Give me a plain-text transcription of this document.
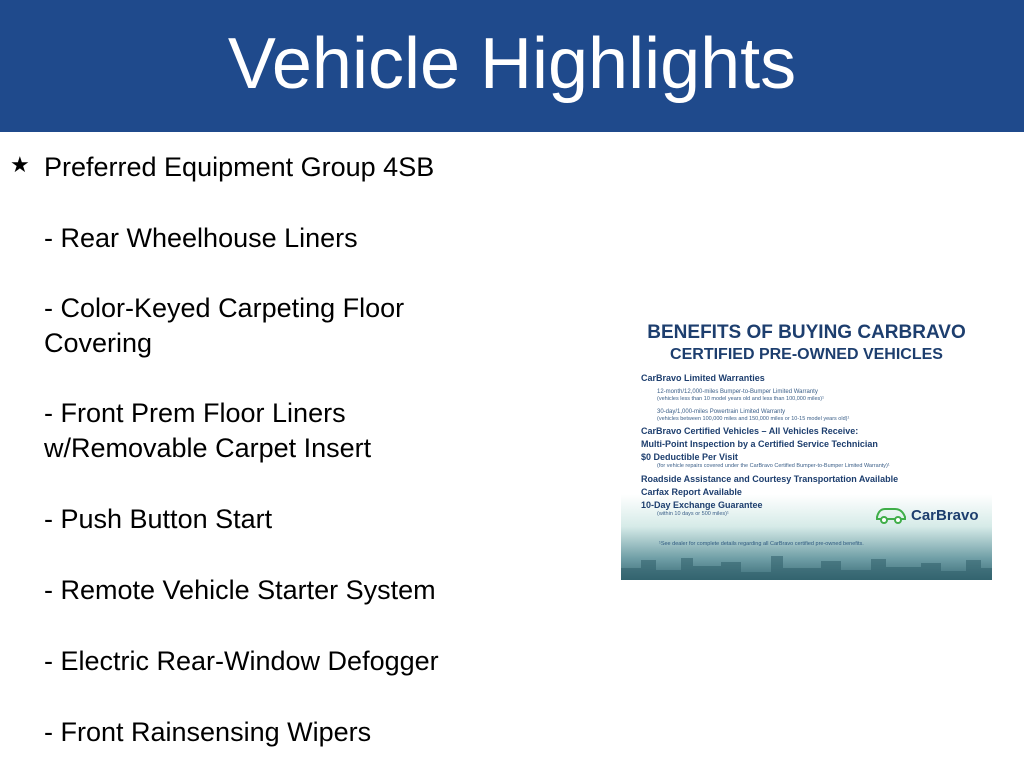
Vehicle Highlights
★ Preferred Equipment Group 4SB
- Rear Wheelhouse Liners
- Color-Keyed Carpeting Floor Covering
- Front Prem Floor Liners w/Removable Carpet Insert
- Push Button Start
- Remote Vehicle Starter System
- Electric Rear-Window Defogger
- Front Rainsensing Wipers
BENEFITS OF BUYING CARBRAVO
CERTIFIED PRE-OWNED VEHICLES
CarBravo Limited Warranties
12-month/12,000-miles Bumper-to-Bumper Limited Warranty
(vehicles less than 10 model years old and less than 100,000 miles)¹
30-day/1,000-miles Powertrain Limited Warranty
(vehicles between 100,000 miles and 150,000 miles or 10-15 model years old)¹
CarBravo Certified Vehicles – All Vehicles Receive:
Multi-Point Inspection by a Certified Service Technician
$0 Deductible Per Visit
(for vehicle repairs covered under the CarBravo Certified Bumper-to-Bumper Limited Warranty)¹
Roadside Assistance and Courtesy Transportation Available
Carfax Report Available
10-Day Exchange Guarantee
(within 10 days or 500 miles)¹	CarBravo
¹See dealer for complete details regarding all CarBravo certified pre-owned benefits.
